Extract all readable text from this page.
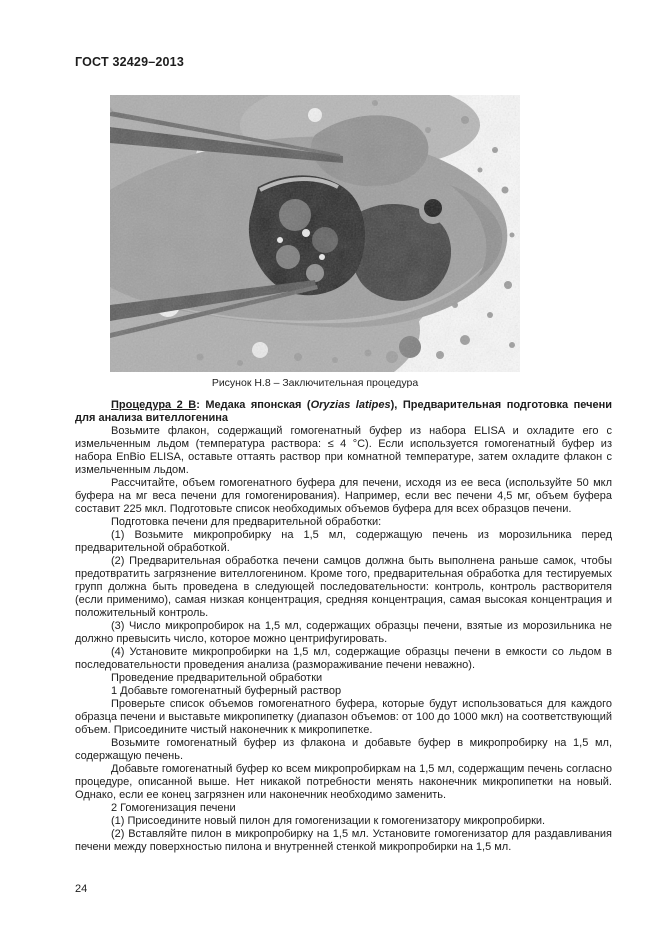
ГОСТ 32429–2013
Рисунок Н.8 – Заключительная процедура

Процедура 2 В: Медака японская (Oryzias latipes), Предварительная подготовка печени для анализа вителлогенина

Возьмите флакон, содержащий гомогенатный буфер из набора ELISA и охладите его с измельченным льдом (температура раствора: ≤ 4 °С). Если используется гомогенатный буфер из набора EnBio ELISA, оставьте оттаять раствор при комнатной температуре, затем охладите флакон с измельченным льдом.

Рассчитайте, объем гомогенатного буфера для печени, исходя из ее веса (используйте 50 мкл буфера на мг веса печени для гомогенирования). Например, если вес печени 4,5 мг, объем буфера составит 225 мкл. Подготовьте список необходимых объемов буфера для всех образцов печени.

Подготовка печени для предварительной обработки:

(1) Возьмите микропробирку на 1,5 мл, содержащую печень из морозильника перед предварительной обработкой.

(2) Предварительная обработка печени самцов должна быть выполнена раньше самок, чтобы предотвратить загрязнение вителлогенином. Кроме того, предварительная обработка для тестируемых групп должна быть проведена в следующей последовательности: контроль, контроль растворителя (если применимо), самая низкая концентрация, средняя концентрация, самая высокая концентрация и положительный контроль.

(3) Число микропробирок на 1,5 мл, содержащих образцы печени, взятые из морозильника не должно превысить число, которое можно центрифугировать.

(4) Установите микропробирки на 1,5 мл, содержащие образцы печени в емкости со льдом в последовательности проведения анализа (размораживание печени неважно).

Проведение предварительной обработки

1 Добавьте гомогенатный буферный раствор

Проверьте список объемов гомогенатного буфера, которые будут использоваться для каждого образца печени и выставьте микропипетку (диапазон объемов: от 100 до 1000 мкл) на соответствующий объем. Присоедините чистый наконечник к микропипетке.

Возьмите гомогенатный буфер из флакона и добавьте буфер в микропробирку на 1,5 мл, содержащую печень.

Добавьте гомогенатный буфер ко всем микропробиркам на 1,5 мл, содержащим печень согласно процедуре, описанной выше. Нет никакой потребности менять наконечник микропипетки на новый. Однако, если ее конец загрязнен или наконечник необходимо заменить.

2 Гомогенизация печени

(1) Присоедините новый пилон для гомогенизации к гомогенизатору микропробирки.

(2) Вставляйте пилон в микропробирку на 1,5 мл. Установите гомогенизатор для раздавливания печени между поверхностью пилона и внутренней стенкой микропробирки на 1,5 мл.

24
